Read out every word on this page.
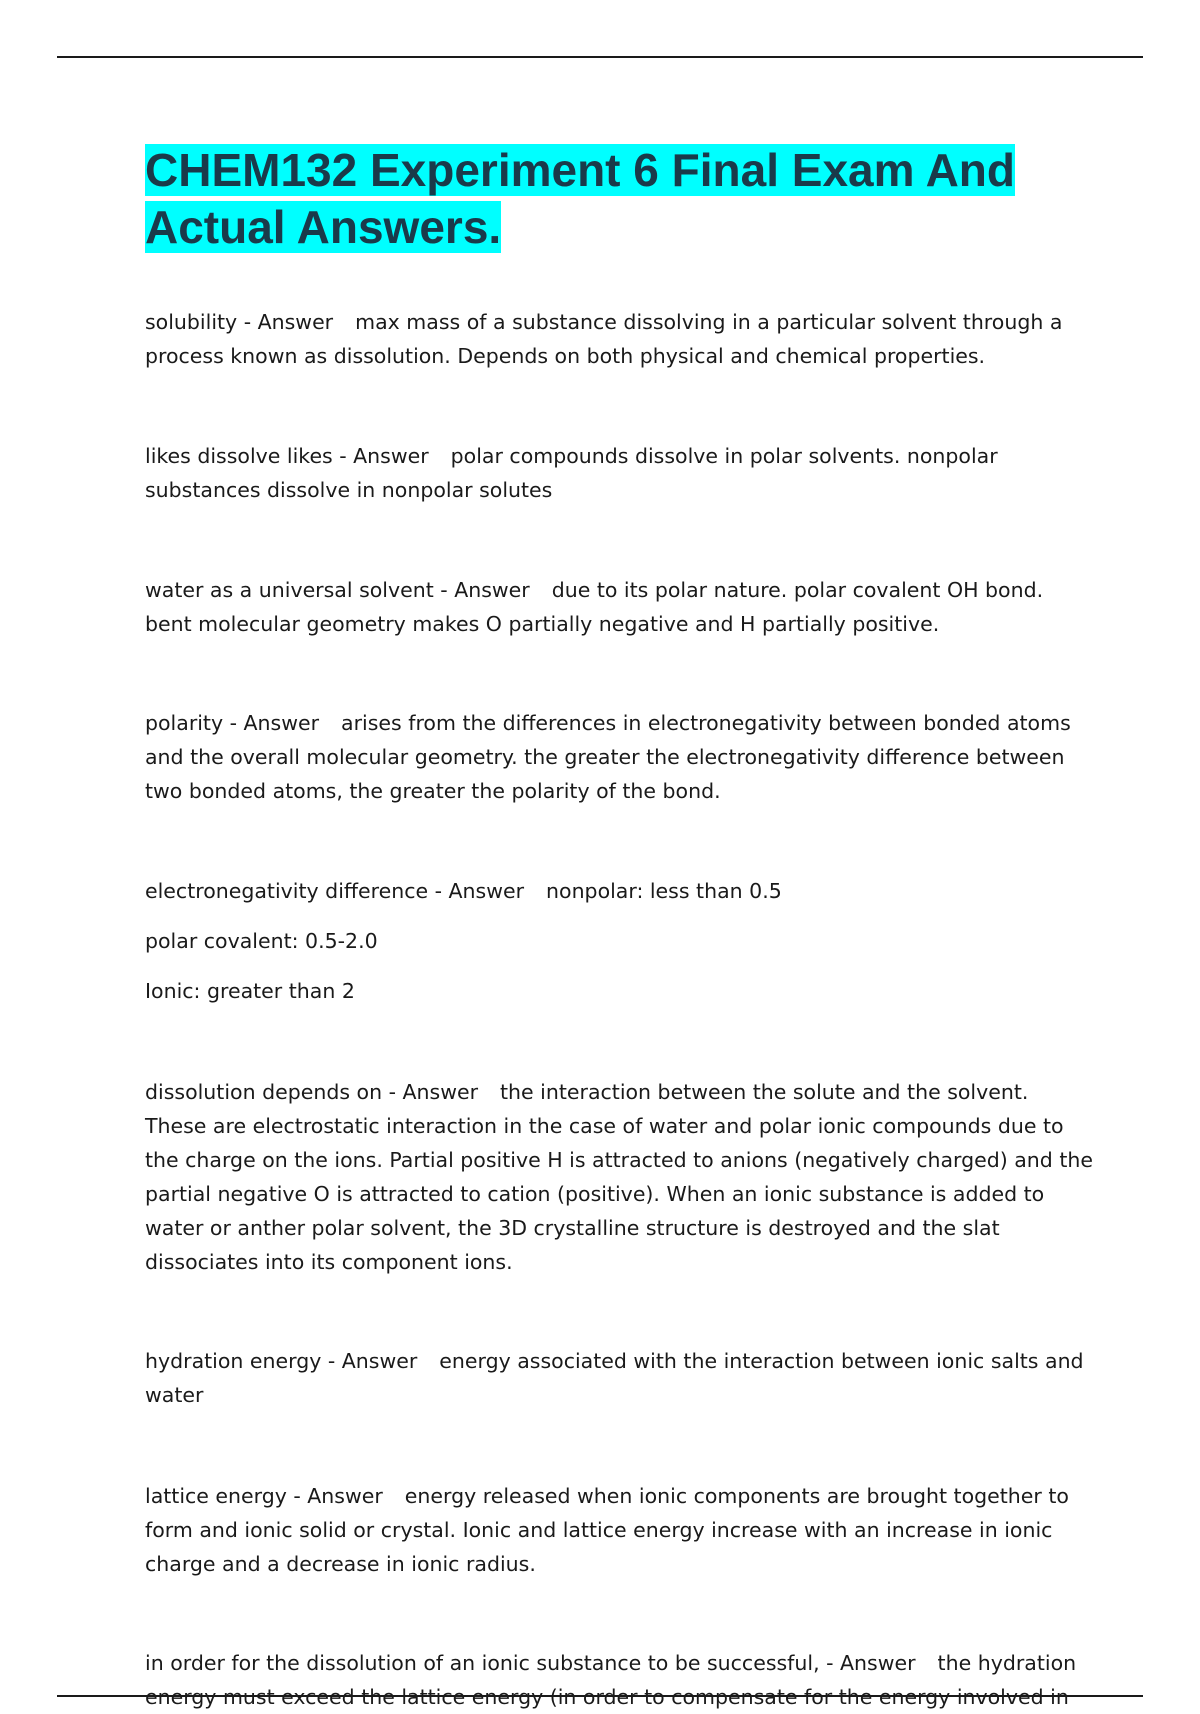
CHEM132 Experiment 6 Final Exam And Actual Answers.

solubility - Answer max mass of a substance dissolving in a particular solvent through a process known as dissolution. Depends on both physical and chemical properties.

likes dissolve likes - Answer polar compounds dissolve in polar solvents. nonpolar substances dissolve in nonpolar solutes

water as a universal solvent - Answer due to its polar nature. polar covalent OH bond. bent molecular geometry makes O partially negative and H partially positive.

polarity - Answer arises from the differences in electronegativity between bonded atoms and the overall molecular geometry. the greater the electronegativity difference between two bonded atoms, the greater the polarity of the bond.

electronegativity difference - Answer nonpolar: less than 0.5

polar covalent: 0.5-2.0

Ionic: greater than 2

dissolution depends on - Answer the interaction between the solute and the solvent. These are electrostatic interaction in the case of water and polar ionic compounds due to the charge on the ions. Partial positive H is attracted to anions (negatively charged) and the partial negative O is attracted to cation (positive). When an ionic substance is added to water or anther polar solvent, the 3D crystalline structure is destroyed and the slat dissociates into its component ions.

hydration energy - Answer energy associated with the interaction between ionic salts and water

lattice energy - Answer energy released when ionic components are brought together to form and ionic solid or crystal. Ionic and lattice energy increase with an increase in ionic charge and a decrease in ionic radius.

in order for the dissolution of an ionic substance to be successful, - Answer the hydration energy must exceed the lattice energy (in order to compensate for the energy involved in
